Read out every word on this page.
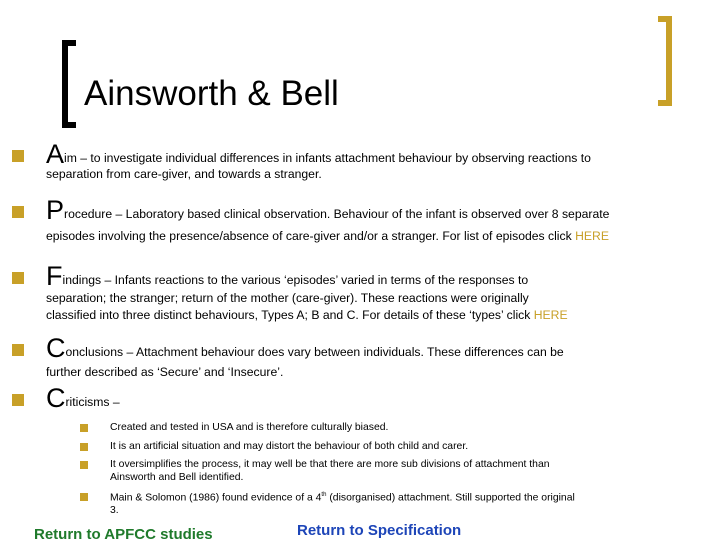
Ainsworth & Bell
Aim – to investigate individual differences in infants attachment behaviour by observing reactions to
separation from care-giver, and towards a stranger.
Procedure – Laboratory based clinical observation. Behaviour of the infant is observed over 8 separate
episodes involving the presence/absence of care-giver and/or a stranger. For list of episodes click HERE
Findings – Infants reactions to the various ‘episodes’ varied in terms of the responses to
separation; the stranger; return of the mother (care-giver). These reactions were originally
classified into three distinct behaviours, Types A; B and C. For details of these ‘types’ click HERE
Conclusions – Attachment behaviour does vary between individuals. These differences can be
further described as ‘Secure’ and ‘Insecure’.
Criticisms –
Created and tested in USA and is therefore culturally biased.
It is an artificial situation and may distort the behaviour of both child and carer.
It oversimplifies the process, it may well be that there are more sub divisions of attachment than
Ainsworth and Bell identified.
Main & Solomon (1986) found evidence of a 4th (disorganised) attachment. Still supported the original
3.
Return to APFCC studies	Return to Specification
